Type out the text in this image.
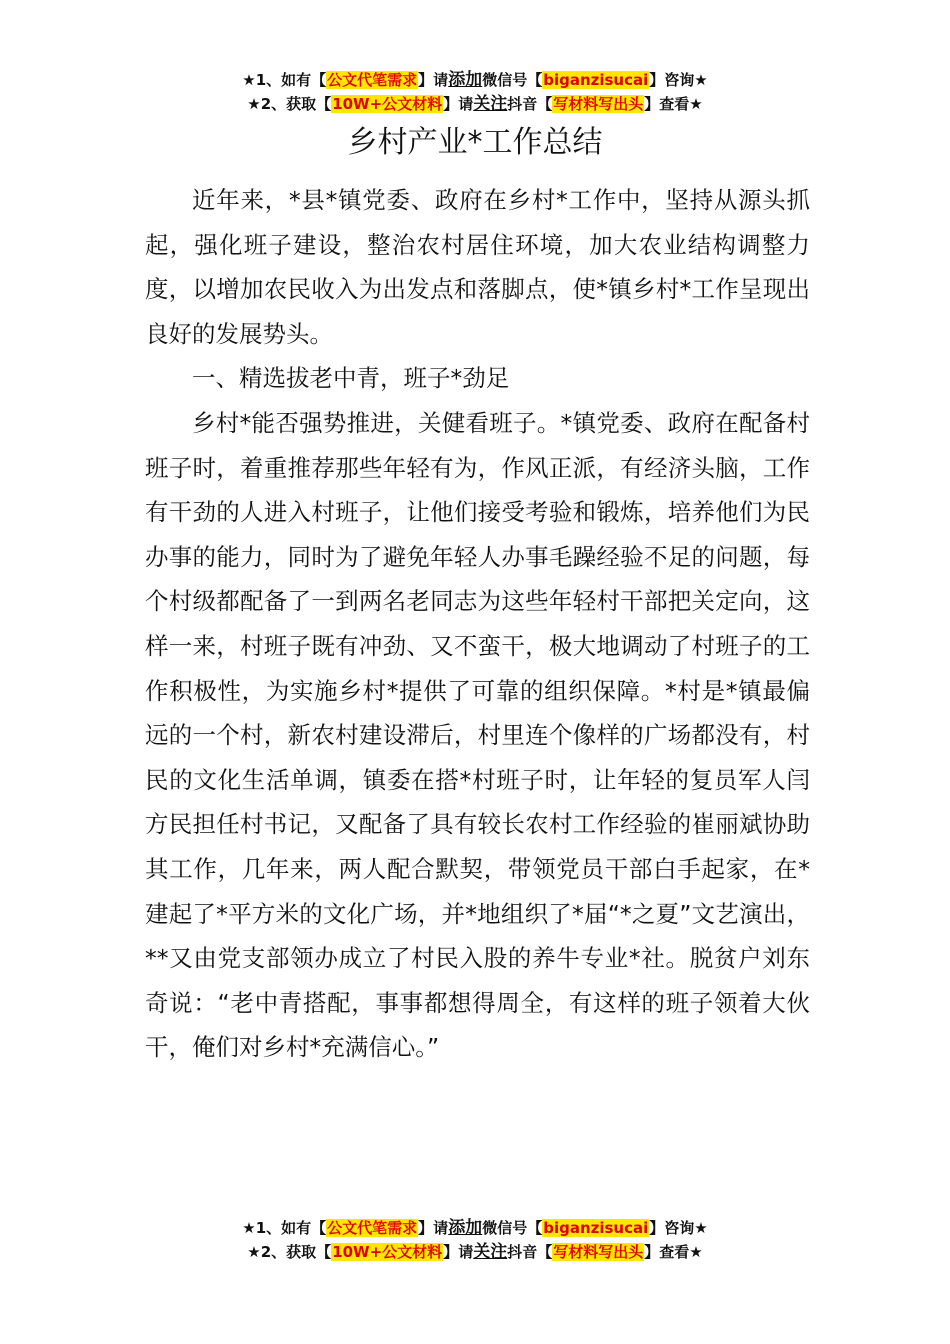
★1、如有【公文代笔需求】请添加微信号【biganzisucai】咨询★
★2、获取【10W+公文材料】请关注抖音【写材料写出头】查看★
乡村产业*工作总结

近年来，*县*镇党委、政府在乡村*工作中，坚持从源头抓起，强化班子建设，整治农村居住环境，加大农业结构调整力度，以增加农民收入为出发点和落脚点，使*镇乡村*工作呈现出良好的发展势头。

一、精选拔老中青，班子*劲足

乡村*能否强势推进，关健看班子。*镇党委、政府在配备村班子时，着重推荐那些年轻有为，作风正派，有经济头脑，工作有干劲的人进入村班子，让他们接受考验和锻炼，培养他们为民办事的能力，同时为了避免年轻人办事毛躁经验不足的问题，每个村级都配备了一到两名老同志为这些年轻村干部把关定向，这样一来，村班子既有冲劲、又不蛮干，极大地调动了村班子的工作积极性，为实施乡村*提供了可靠的组织保障。*村是*镇最偏远的一个村，新农村建设滞后，村里连个像样的广场都没有，村民的文化生活单调，镇委在搭*村班子时，让年轻的复员军人闫方民担任村书记，又配备了具有较长农村工作经验的崔丽斌协助其工作，几年来，两人配合默契，带领党员干部白手起家，在*建起了*平方米的文化广场，并*地组织了*届“*之夏”文艺演出，**又由党支部领办成立了村民入股的养牛专业*社。脱贫户刘东奇说：“老中青搭配，事事都想得周全，有这样的班子领着大伙干，俺们对乡村*充满信心。”

★1、如有【公文代笔需求】请添加微信号【biganzisucai】咨询★
★2、获取【10W+公文材料】请关注抖音【写材料写出头】查看★
